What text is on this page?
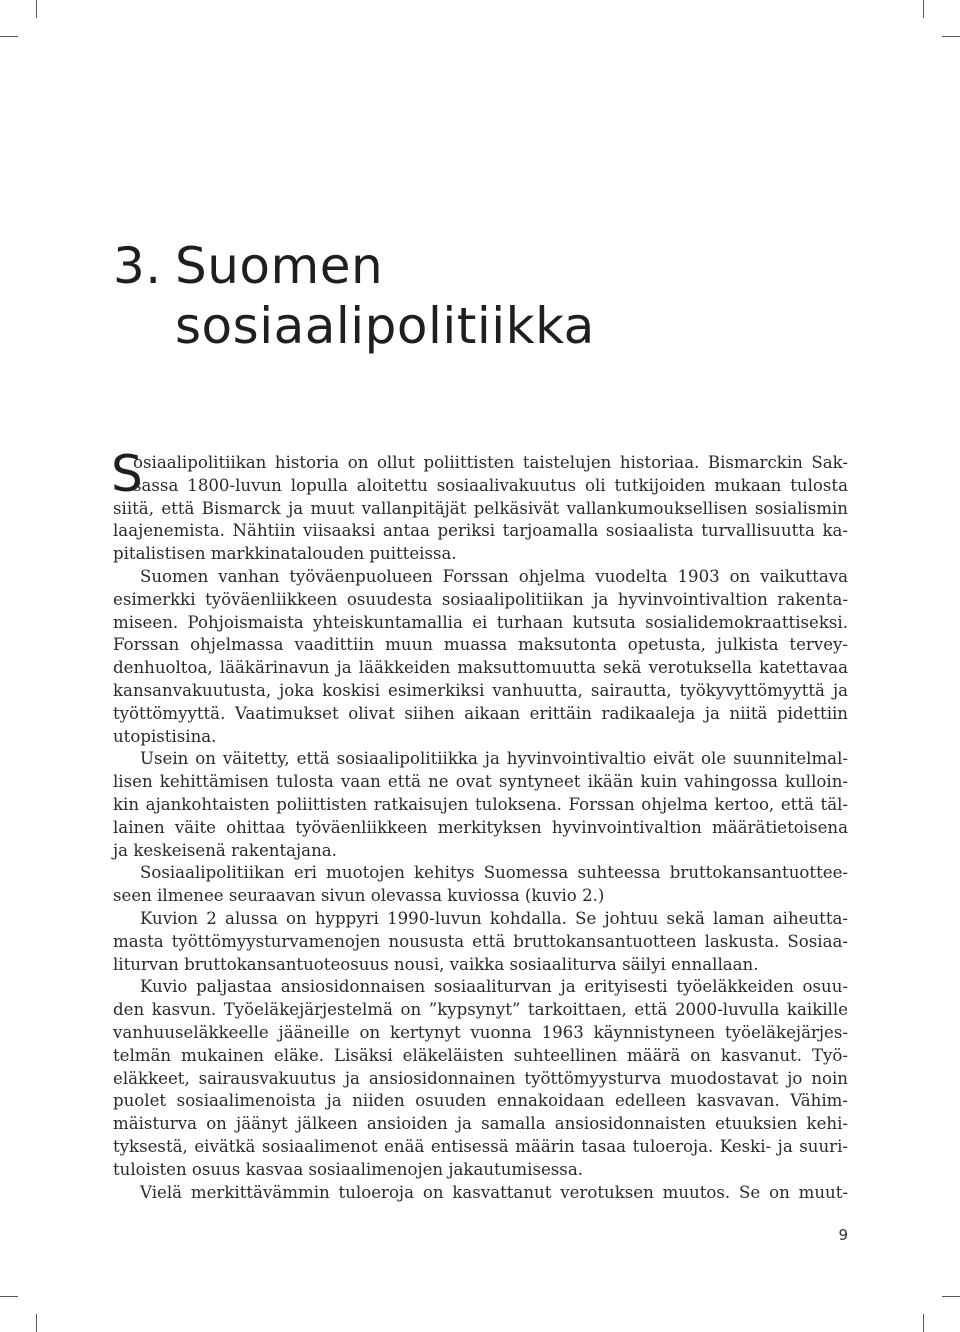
3. Suomen
sosiaalipolitiikka
S
osiaalipolitiikan historia on ollut poliittisten taistelujen historiaa. Bismarckin Sak-
sassa 1800-luvun lopulla aloitettu sosiaalivakuutus oli tutkijoiden mukaan tulosta
siitä, että Bismarck ja muut vallanpitäjät pelkäsivät vallankumouksellisen sosialismin
laajenemista. Nähtiin viisaaksi antaa periksi tarjoamalla sosiaalista turvallisuutta ka-
pitalistisen markkinatalouden puitteissa.
Suomen vanhan työväenpuolueen Forssan ohjelma vuodelta 1903 on vaikuttava
esimerkki työväenliikkeen osuudesta sosiaalipolitiikan ja hyvinvointivaltion rakenta-
miseen. Pohjoismaista yhteiskuntamallia ei turhaan kutsuta sosialidemokraattiseksi.
Forssan ohjelmassa vaadittiin muun muassa maksutonta opetusta, julkista tervey-
denhuoltoa, lääkärinavun ja lääkkeiden maksuttomuutta sekä verotuksella katettavaa
kansanvakuutusta, joka koskisi esimerkiksi vanhuutta, sairautta, työkyvyttömyyttä ja
työttömyyttä. Vaatimukset olivat siihen aikaan erittäin radikaaleja ja niitä pidettiin
utopistisina.
Usein on väitetty, että sosiaalipolitiikka ja hyvinvointivaltio eivät ole suunnitelmal-
lisen kehittämisen tulosta vaan että ne ovat syntyneet ikään kuin vahingossa kulloin-
kin ajankohtaisten poliittisten ratkaisujen tuloksena. Forssan ohjelma kertoo, että täl-
lainen väite ohittaa työväenliikkeen merkityksen hyvinvointivaltion määrätietoisena
ja keskeisenä rakentajana.
Sosiaalipolitiikan eri muotojen kehitys Suomessa suhteessa bruttokansantuottee-
seen ilmenee seuraavan sivun olevassa kuviossa (kuvio 2.)
Kuvion 2 alussa on hyppyri 1990-luvun kohdalla. Se johtuu sekä laman aiheutta-
masta työttömyysturvamenojen noususta että bruttokansantuotteen laskusta. Sosiaa-
liturvan bruttokansantuoteosuus nousi, vaikka sosiaaliturva säilyi ennallaan.
Kuvio paljastaa ansiosidonnaisen sosiaaliturvan ja erityisesti työeläkkeiden osuu-
den kasvun. Työeläkejärjestelmä on ”kypsynyt” tarkoittaen, että 2000-luvulla kaikille
vanhuuseläkkeelle jääneille on kertynyt vuonna 1963 käynnistyneen työeläkejärjes-
telmän mukainen eläke. Lisäksi eläkeläisten suhteellinen määrä on kasvanut. Työ-
eläkkeet, sairausvakuutus ja ansiosidonnainen työttömyysturva muodostavat jo noin
puolet sosiaalimenoista ja niiden osuuden ennakoidaan edelleen kasvavan. Vähim-
mäisturva on jäänyt jälkeen ansioiden ja samalla ansiosidonnaisten etuuksien kehi-
tyksestä, eivätkä sosiaalimenot enää entisessä määrin tasaa tuloeroja. Keski- ja suuri-
tuloisten osuus kasvaa sosiaalimenojen jakautumisessa.
Vielä merkittävämmin tuloeroja on kasvattanut verotuksen muutos. Se on muut-
9
